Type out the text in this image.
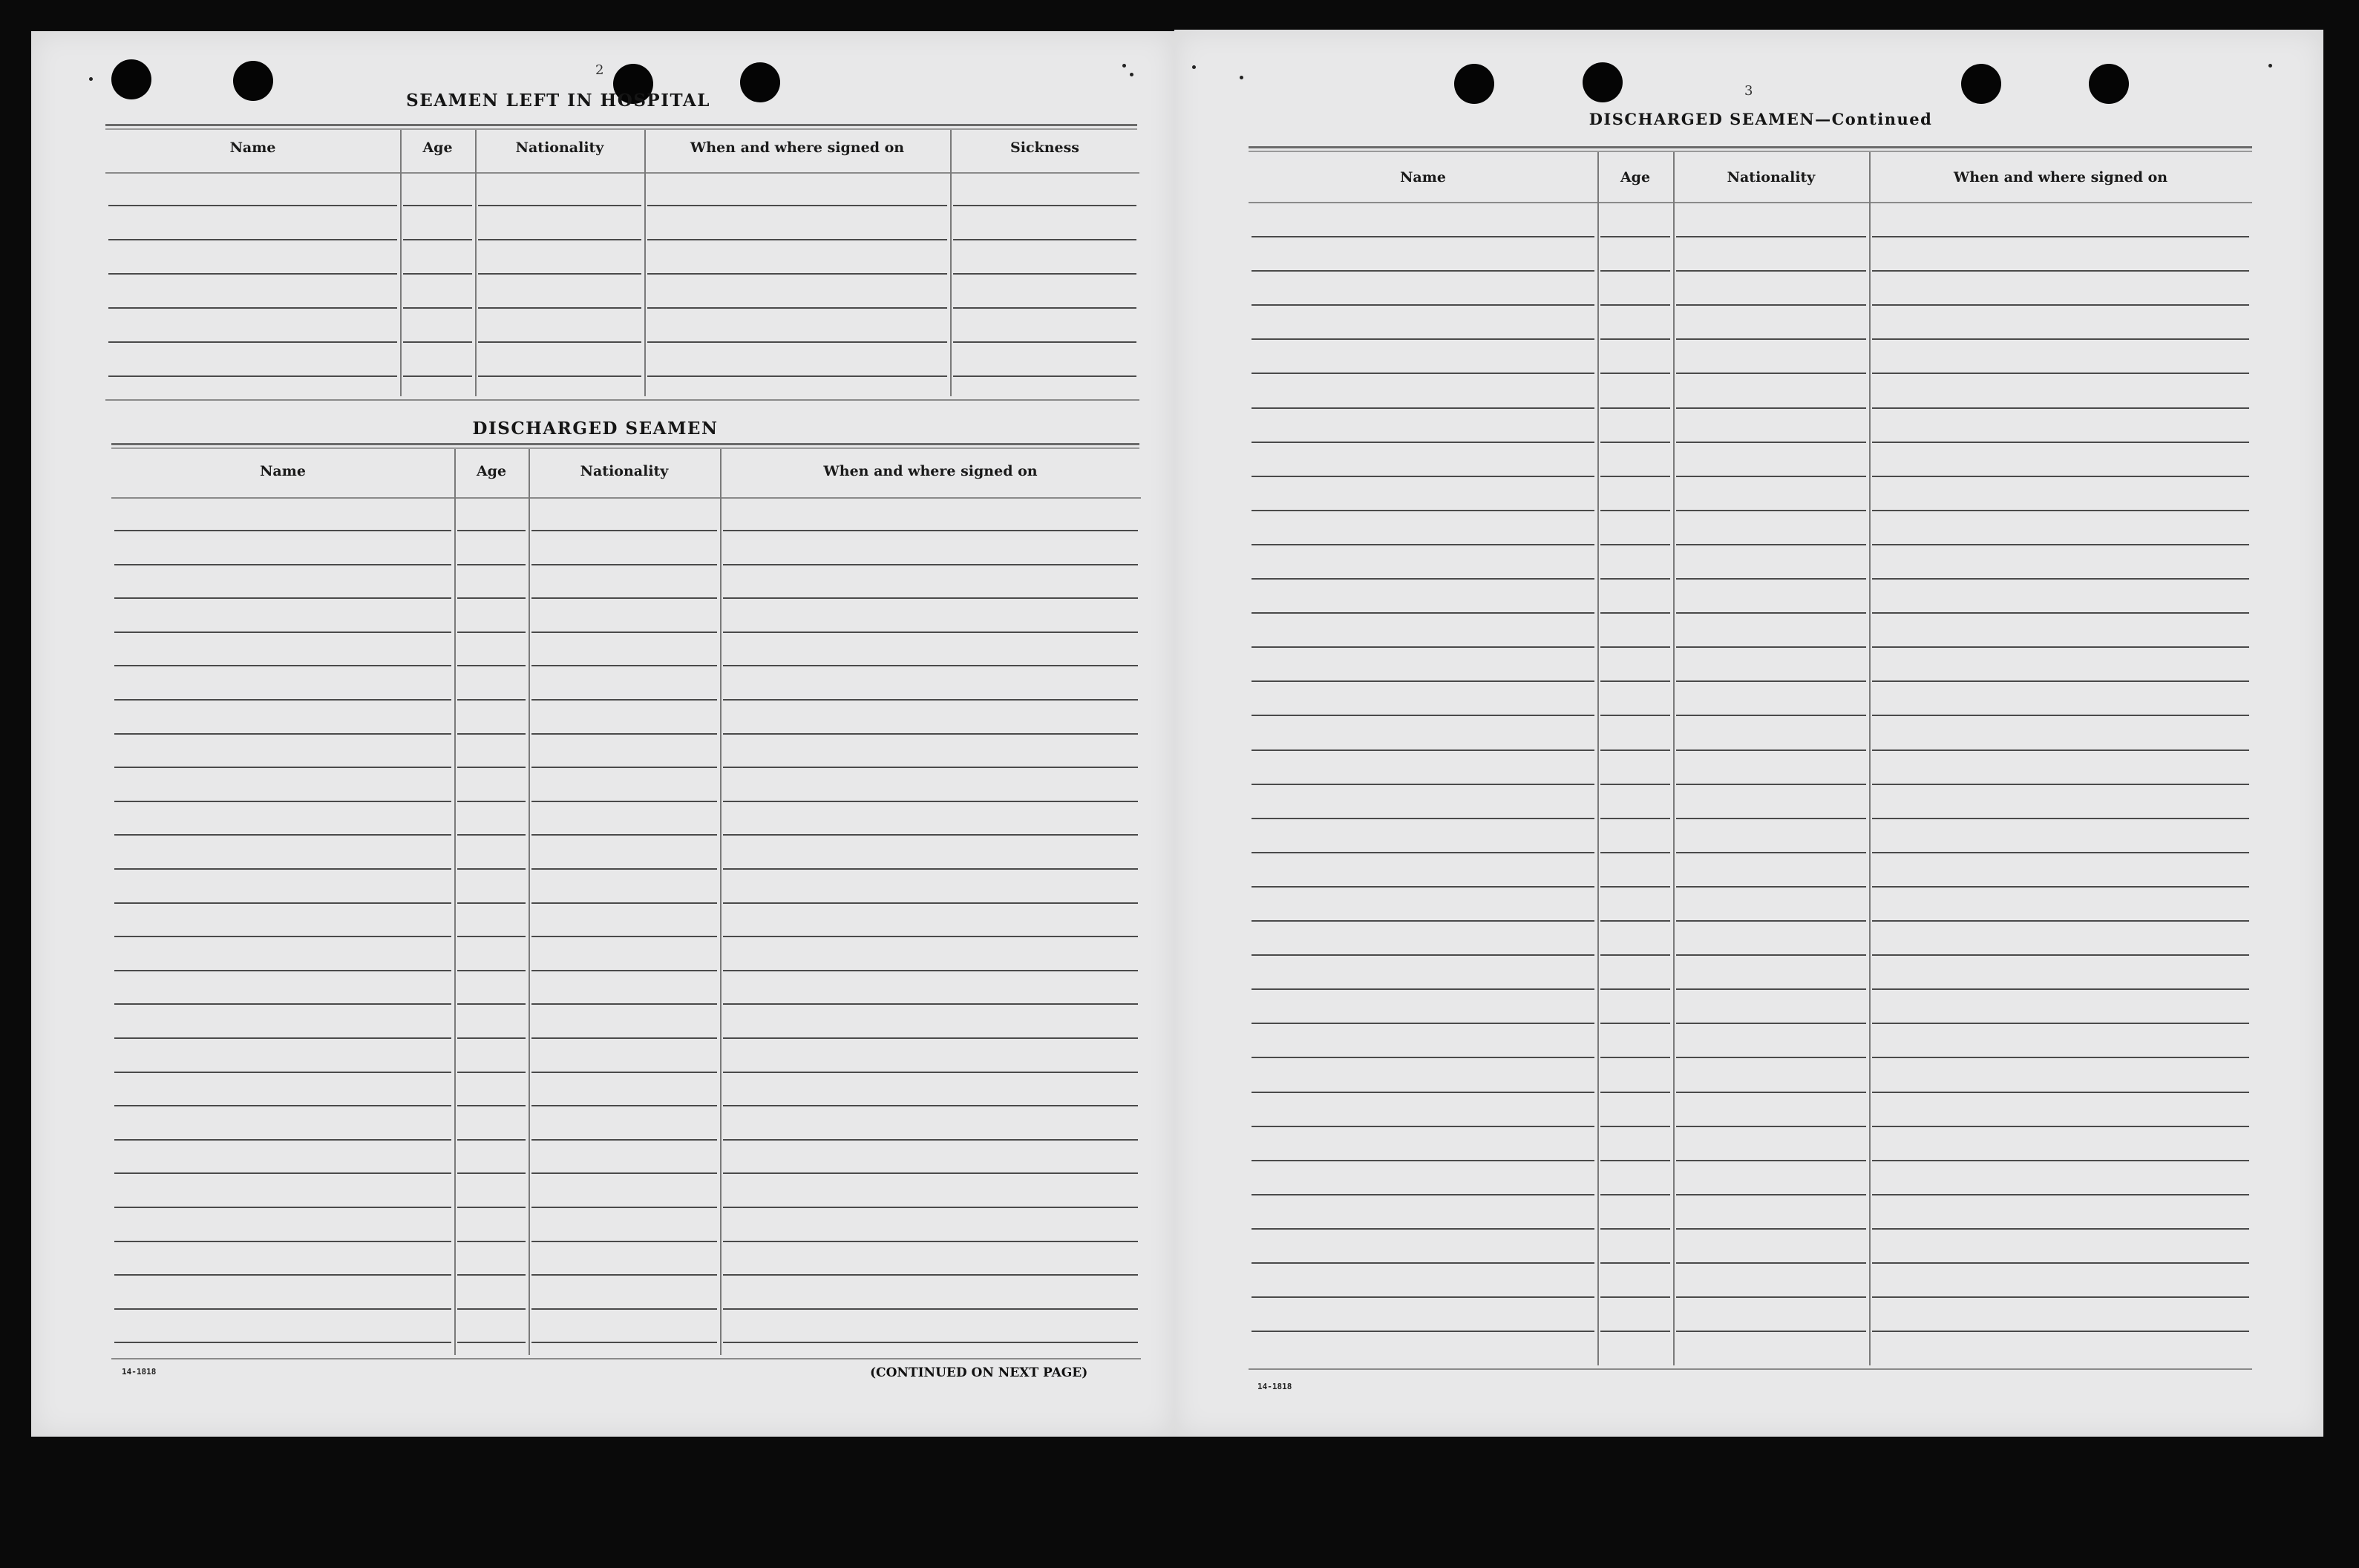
2
SEAMEN LEFT IN HOSPITAL
Name	Age	Nationality	When and where signed on	Sickness
DISCHARGED SEAMEN
Name	Age	Nationality	When and where signed on
14-1818	(CONTINUED ON NEXT PAGE)
3
DISCHARGED SEAMEN—Continued
Name	Age	Nationality	When and where signed on
14-1818
